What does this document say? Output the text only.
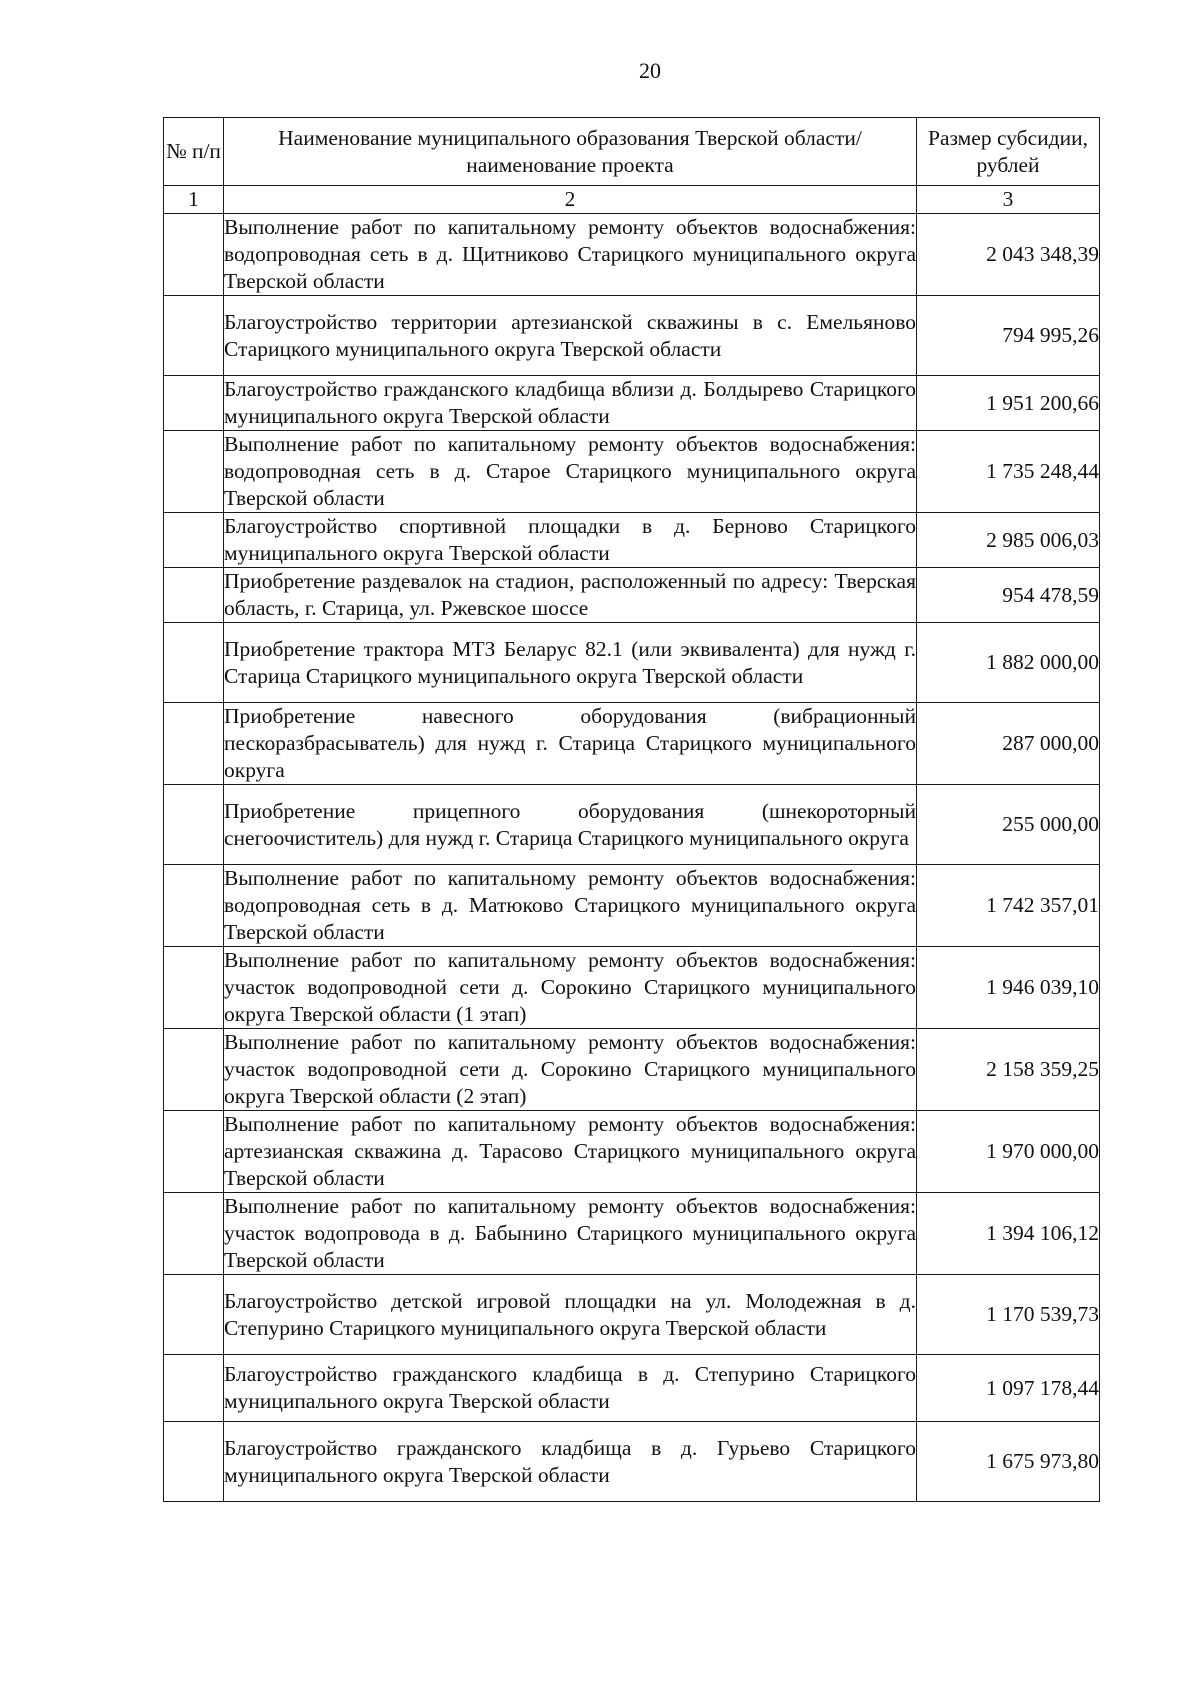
20
№ п/п	Наименование муниципального образования Тверской области/наименование проекта	Размер субсидии, рублей
1	2	3
	Выполнение работ по капитальному ремонту объектов водоснабжения: водопроводная сеть в д. Щитниково Старицкого муниципального округа Тверской области	2 043 348,39
	Благоустройство территории артезианской скважины в с. Емельяново Старицкого муниципального округа Тверской области	794 995,26
	Благоустройство гражданского кладбища вблизи д. Болдырево Старицкого муниципального округа Тверской области	1 951 200,66
	Выполнение работ по капитальному ремонту объектов водоснабжения: водопроводная сеть в д. Старое Старицкого муниципального округа Тверской области	1 735 248,44
	Благоустройство спортивной площадки в д. Берново Старицкого муниципального округа Тверской области	2 985 006,03
	Приобретение раздевалок на стадион, расположенный по адресу: Тверская область, г. Старица, ул. Ржевское шоссе	954 478,59
	Приобретение трактора МТЗ Беларус 82.1 (или эквивалента) для нужд г. Старица Старицкого муниципального округа Тверской области	1 882 000,00
	Приобретение навесного оборудования (вибрационный пескоразбрасыватель) для нужд г. Старица Старицкого муниципального округа	287 000,00
	Приобретение прицепного оборудования (шнекороторный снегоочиститель) для нужд г. Старица Старицкого муниципального округа	255 000,00
	Выполнение работ по капитальному ремонту объектов водоснабжения: водопроводная сеть в д. Матюково Старицкого муниципального округа Тверской области	1 742 357,01
	Выполнение работ по капитальному ремонту объектов водоснабжения: участок водопроводной сети д. Сорокино Старицкого муниципального округа Тверской области (1 этап)	1 946 039,10
	Выполнение работ по капитальному ремонту объектов водоснабжения: участок водопроводной сети д. Сорокино Старицкого муниципального округа Тверской области (2 этап)	2 158 359,25
	Выполнение работ по капитальному ремонту объектов водоснабжения: артезианская скважина д. Тарасово Старицкого муниципального округа Тверской области	1 970 000,00
	Выполнение работ по капитальному ремонту объектов водоснабжения: участок водопровода в д. Бабынино Старицкого муниципального округа Тверской области	1 394 106,12
	Благоустройство детской игровой площадки на ул. Молодежная в д. Степурино Старицкого муниципального округа Тверской области	1 170 539,73
	Благоустройство гражданского кладбища в д. Степурино Старицкого муниципального округа Тверской области	1 097 178,44
	Благоустройство гражданского кладбища в д. Гурьево Старицкого муниципального округа Тверской области	1 675 973,80
